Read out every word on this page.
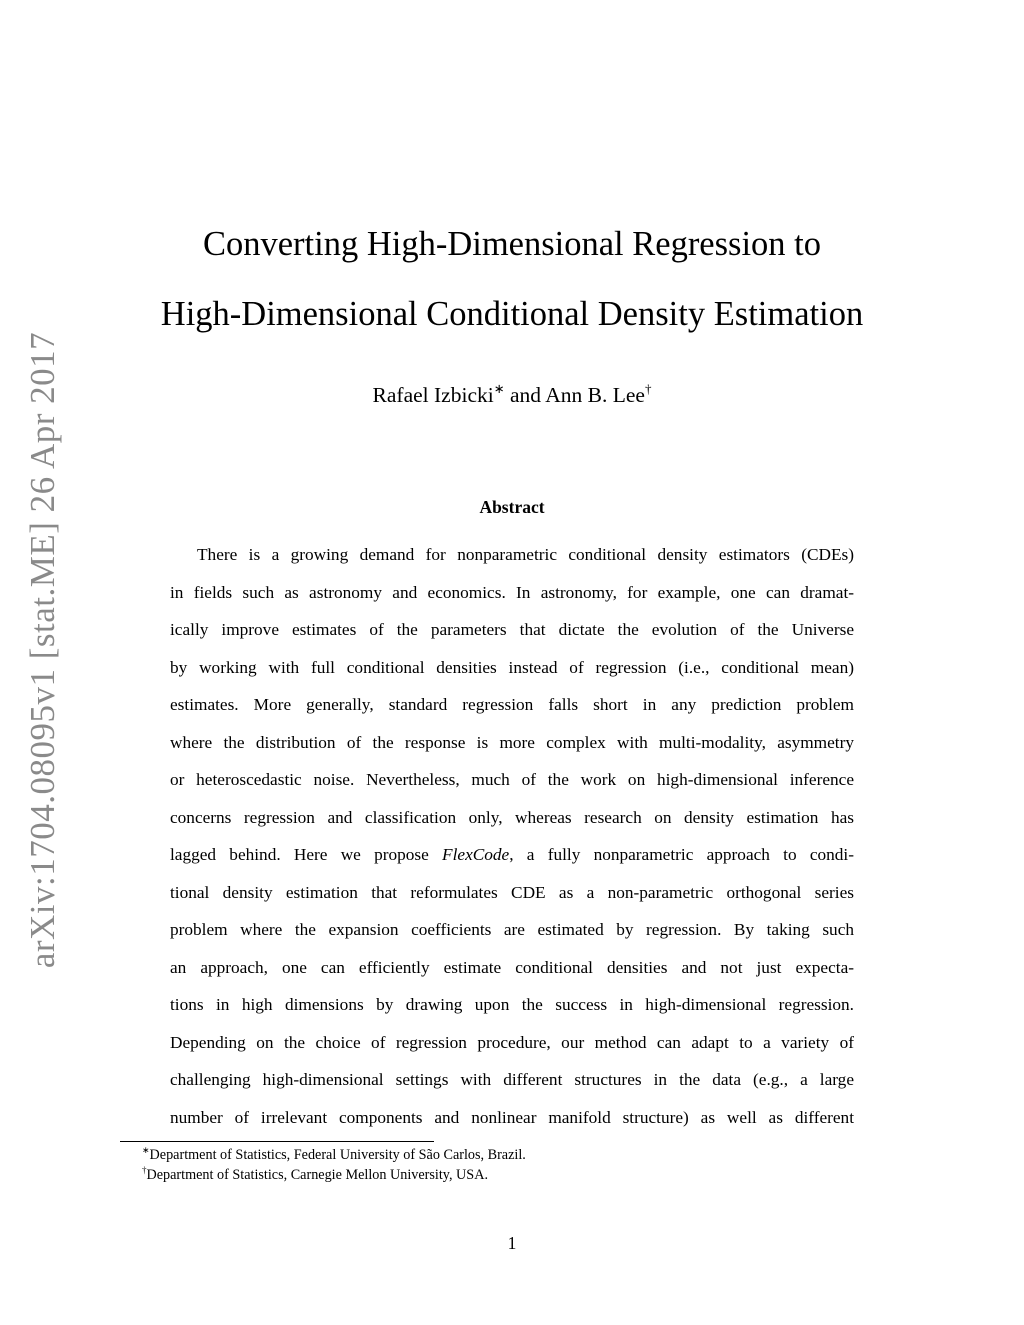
arXiv:1704.08095v1 [stat.ME] 26 Apr 2017
Converting High-Dimensional Regression to
High-Dimensional Conditional Density Estimation
Rafael Izbicki∗ and Ann B. Lee†
Abstract
There is a growing demand for nonparametric conditional density estimators (CDEs)
in fields such as astronomy and economics. In astronomy, for example, one can dramat-
ically improve estimates of the parameters that dictate the evolution of the Universe
by working with full conditional densities instead of regression (i.e., conditional mean)
estimates. More generally, standard regression falls short in any prediction problem
where the distribution of the response is more complex with multi-modality, asymmetry
or heteroscedastic noise. Nevertheless, much of the work on high-dimensional inference
concerns regression and classification only, whereas research on density estimation has
lagged behind. Here we propose FlexCode, a fully nonparametric approach to condi-
tional density estimation that reformulates CDE as a non-parametric orthogonal series
problem where the expansion coefficients are estimated by regression. By taking such
an approach, one can efficiently estimate conditional densities and not just expecta-
tions in high dimensions by drawing upon the success in high-dimensional regression.
Depending on the choice of regression procedure, our method can adapt to a variety of
challenging high-dimensional settings with different structures in the data (e.g., a large
number of irrelevant components and nonlinear manifold structure) as well as different
∗Department of Statistics, Federal University of São Carlos, Brazil.
†Department of Statistics, Carnegie Mellon University, USA.
1
